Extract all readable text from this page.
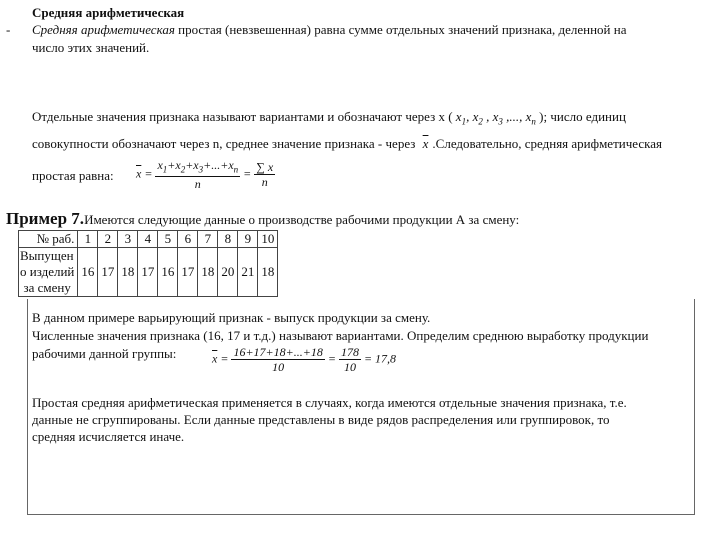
-
Средняя арифметическая
Средняя арифметическая простая (невзвешенная) равна сумме отдельных значений признака, деленной на
число этих значений.
Отдельные значения признака называют вариантами и обозначают через x ( $x_1$, $x_2$ , $x_3$ ,..., $x_n$ ); число единиц
совокупности обозначают через n, среднее значение признака - через $\overline{x}$ .Следовательно, средняя арифметическая
простая равна: $\overline{x} = \frac{x_1+x_2+x_3+...+x_n}{n} = \frac{\sum x}{n}$
Пример 7.Имеются следующие данные о производстве рабочими продукции А за смену:
№ раб.	1	2	3	4	5	6	7	8	9	10

Выпущен
о изделий
за смену	16	17	18	17	16	17	18	20	21	18
В данном примере варьирующий признак - выпуск продукции за смену.
Численные значения признака (16, 17 и т.д.) называют вариантами. Определим среднюю выработку продукции
рабочими данной группы:	$\overline{x} = \frac{16+17+18+...+18}{10} = \frac{178}{10} = 17,8$
Простая средняя арифметическая применяется в случаях, когда имеются отдельные значения признака, т.е.
данные не сгруппированы. Если данные представлены в виде рядов распределения или группировок, то
средняя исчисляется иначе.
